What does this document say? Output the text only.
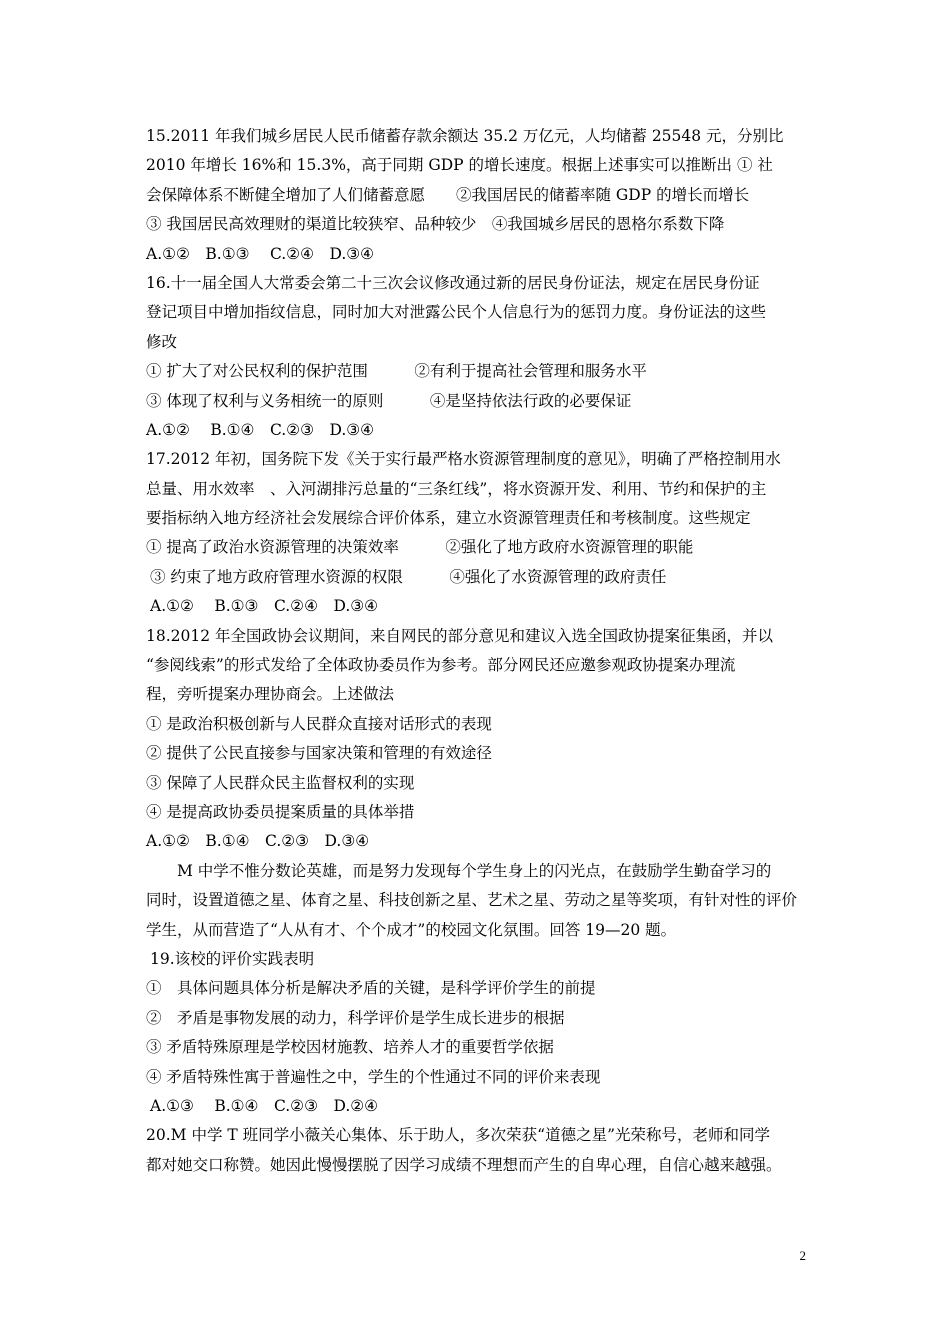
15.2011 年我们城乡居民人民币储蓄存款余额达 35.2 万亿元，人均储蓄 25548 元，分别比
2010 年增长 16%和 15.3%，高于同期 GDP 的增长速度。根据上述事实可以推断出 ① 社
会保障体系不断健全增加了人们储蓄意愿　　②我国居民的储蓄率随 GDP 的增长而增长
③ 我国居民高效理财的渠道比较狭窄、品种较少　④我国城乡居民的恩格尔系数下降
A.①②　B.①③　 C.②④　D.③④
16.十一届全国人大常委会第二十三次会议修改通过新的居民身份证法，规定在居民身份证
登记项目中增加指纹信息，同时加大对泄露公民个人信息行为的惩罚力度。身份证法的这些
修改
① 扩大了对公民权利的保护范围　　　②有利于提高社会管理和服务水平
③ 体现了权利与义务相统一的原则　　　④是坚持依法行政的必要保证
A.①②　 B.①④　C.②③　D.③④
17.2012 年初，国务院下发《关于实行最严格水资源管理制度的意见》，明确了严格控制用水
总量、用水效率　、入河湖排污总量的“三条红线”，将水资源开发、利用、节约和保护的主
要指标纳入地方经济社会发展综合评价体系，建立水资源管理责任和考核制度。这些规定
① 提高了政治水资源管理的决策效率　　　②强化了地方政府水资源管理的职能
③ 约束了地方政府管理水资源的权限　　　④强化了水资源管理的政府责任
A.①②　 B.①③　C.②④　D.③④
18.2012 年全国政协会议期间，来自网民的部分意见和建议入选全国政协提案征集函，并以
“参阅线索”的形式发给了全体政协委员作为参考。部分网民还应邀参观政协提案办理流
程，旁听提案办理协商会。上述做法
① 是政治积极创新与人民群众直接对话形式的表现
② 提供了公民直接参与国家决策和管理的有效途径
③ 保障了人民群众民主监督权利的实现
④ 是提高政协委员提案质量的具体举措
A.①②　B.①④　C.②③　D.③④
M 中学不惟分数论英雄，而是努力发现每个学生身上的闪光点，在鼓励学生勤奋学习的
同时，设置道德之星、体育之星、科技创新之星、艺术之星、劳动之星等奖项，有针对性的评价
学生，从而营造了“人从有才、个个成才”的校园文化氛围。回答 19—20 题。
19.该校的评价实践表明
①　具体问题具体分析是解决矛盾的关键，是科学评价学生的前提
②　矛盾是事物发展的动力，科学评价是学生成长进步的根据
③ 矛盾特殊原理是学校因材施教、培养人才的重要哲学依据
④ 矛盾特殊性寓于普遍性之中，学生的个性通过不同的评价来表现
A.①③　 B.①④　C.②③　D.②④
20.M 中学 T 班同学小薇关心集体、乐于助人，多次荣获“道德之星”光荣称号，老师和同学
都对她交口称赞。她因此慢慢摆脱了因学习成绩不理想而产生的自卑心理，自信心越来越强。
2
